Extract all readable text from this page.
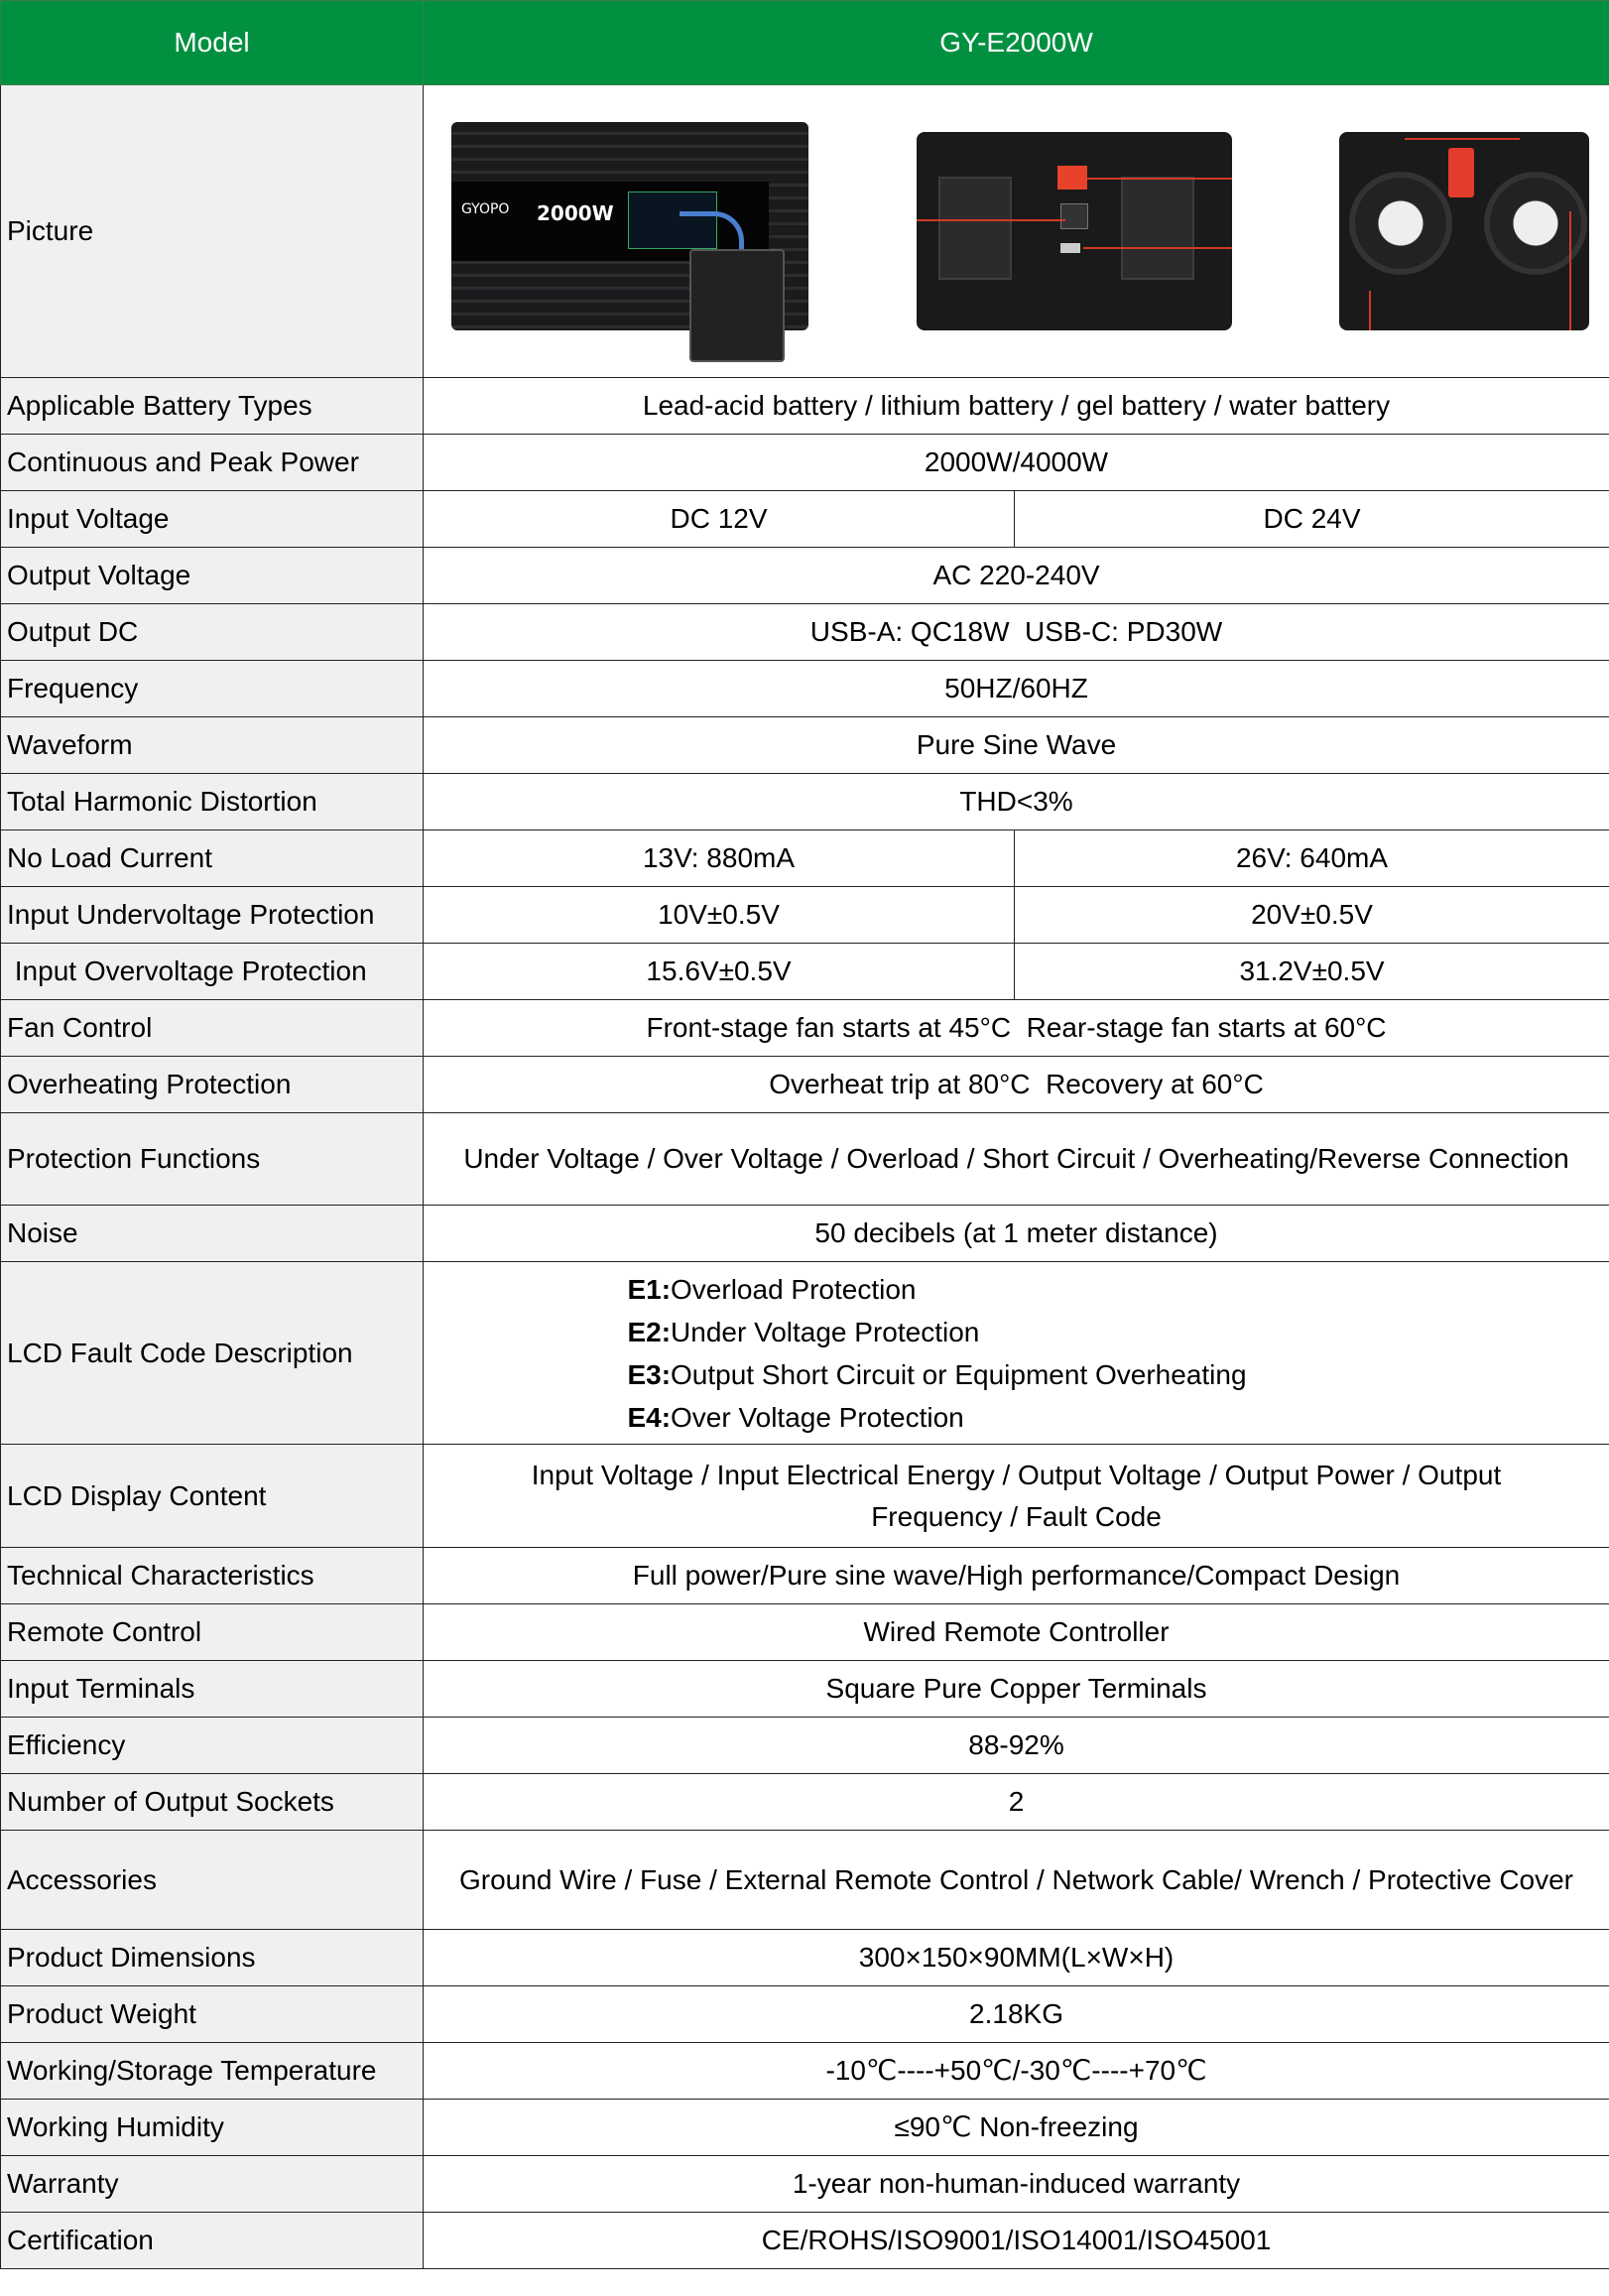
Model	GY-E2000W	
Picture	GYOPO 2000W	

Applicable Battery Types	Lead-acid battery / lithium battery / gel battery / water battery	
Continuous and Peak Power	2000W/4000W	
Input Voltage	DC 12V	DC 24V
Output Voltage	AC 220-240V	
Output DC	USB-A: QC18W  USB-C: PD30W	
Frequency	50HZ/60HZ	
Waveform	Pure Sine Wave	
Total Harmonic Distortion	THD<3%	
No Load Current	13V: 880mA	26V: 640mA
Input Undervoltage Protection	10V±0.5V	20V±0.5V
Input Overvoltage Protection	15.6V±0.5V	31.2V±0.5V
Fan Control	Front-stage fan starts at 45°C  Rear-stage fan starts at 60°C	
Overheating Protection	Overheat trip at 80°C  Recovery at 60°C	
Protection Functions	Under Voltage / Over Voltage / Overload / Short Circuit / Overheating/Reverse Connection	
Noise	50 decibels (at 1 meter distance)	
LCD Fault Code Description	E1:Overload Protection
E2:Under Voltage Protection
E3:Output Short Circuit or Equipment Overheating
E4:Over Voltage Protection	

LCD Display Content	Input Voltage / Input Electrical Energy / Output Voltage / Output Power / Output Frequency / Fault Code	
Technical Characteristics	Full power/Pure sine wave/High performance/Compact Design	
Remote Control	Wired Remote Controller	
Input Terminals	Square Pure Copper Terminals	
Efficiency	88-92%	
Number of Output Sockets	2	
Accessories	Ground Wire / Fuse / External Remote Control / Network Cable/ Wrench / Protective Cover	
Product Dimensions	300×150×90MM(L×W×H)	
Product Weight	2.18KG	
Working/Storage Temperature	-10℃----+50℃/-30℃----+70℃	
Working Humidity	≤90℃ Non-freezing	
Warranty	1-year non-human-induced warranty	
Certification	CE/ROHS/ISO9001/ISO14001/ISO45001	
